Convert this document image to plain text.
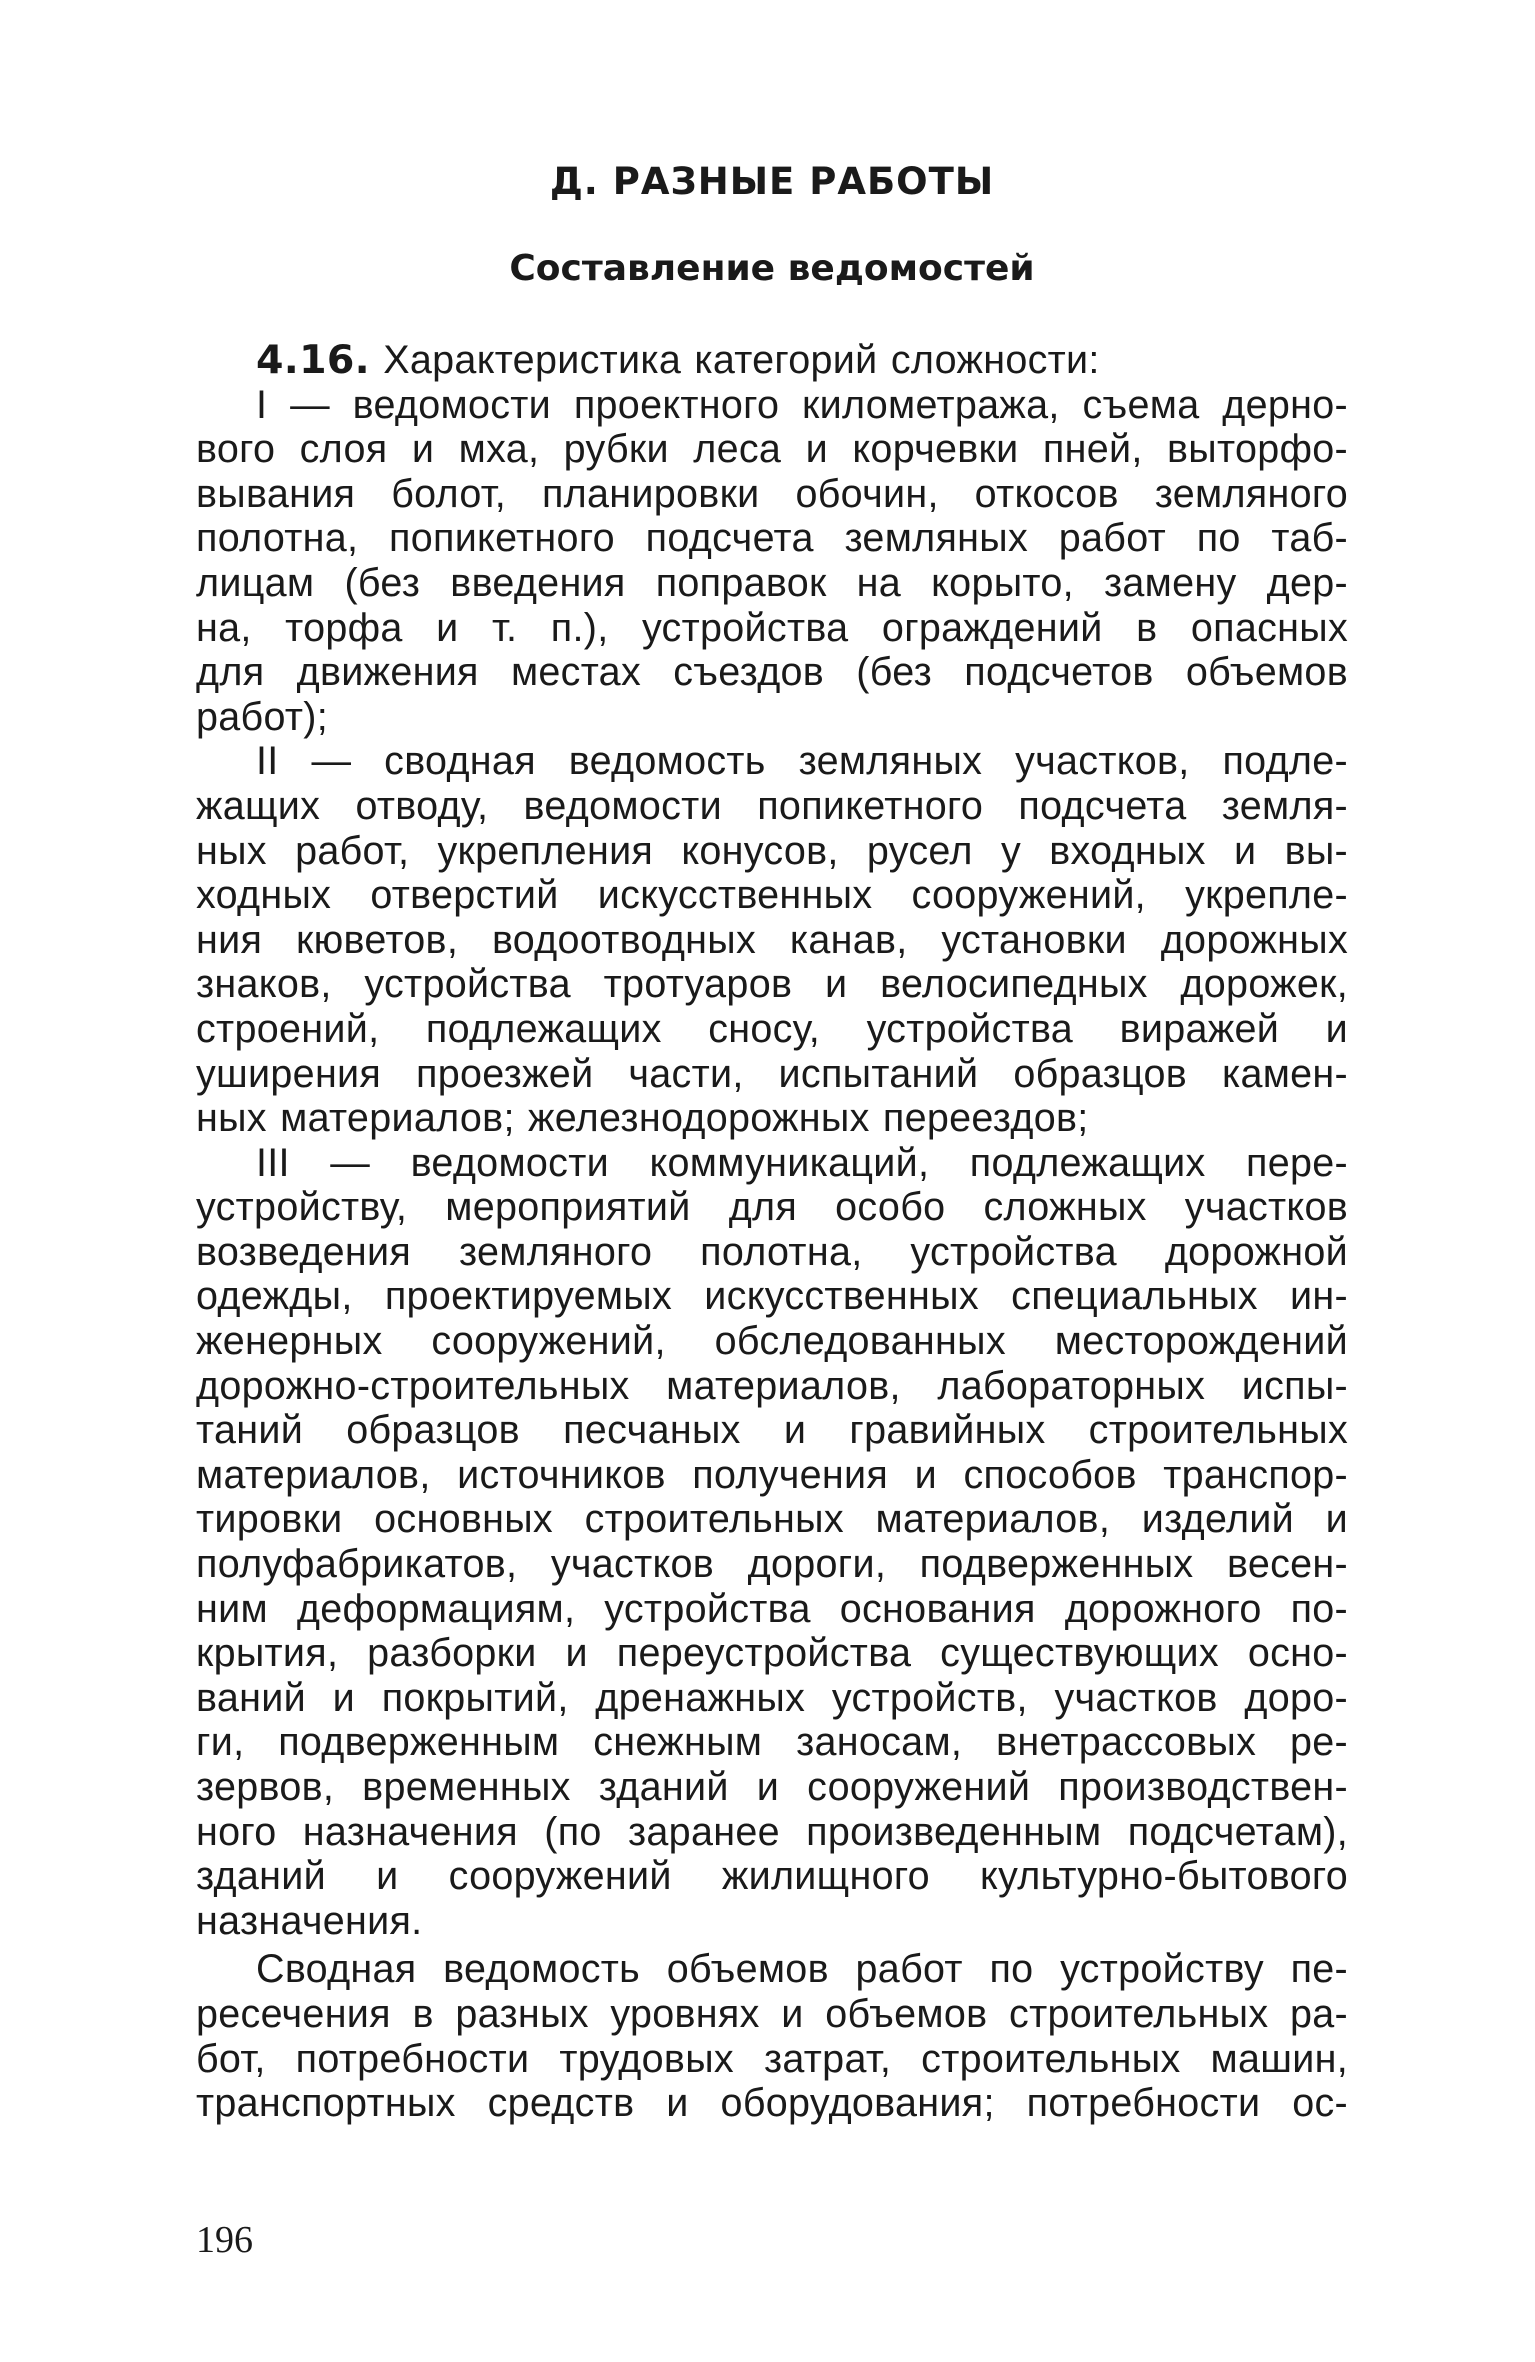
Д. РАЗНЫЕ РАБОТЫ
Составление ведомостей
4.16. Характеристика категорий сложности:
I — ведомости проектного километража, съема дерно-
вого слоя и мха, рубки леса и корчевки пней, выторфо-
вывания болот, планировки обочин, откосов земляного
полотна, попикетного подсчета земляных работ по таб-
лицам (без введения поправок на корыто, замену дер-
на, торфа и т. п.), устройства ограждений в опасных
для движения местах съездов (без подсчетов объемов
работ);
II — сводная ведомость земляных участков, подле-
жащих отводу, ведомости попикетного подсчета земля-
ных работ, укрепления конусов, русел у входных и вы-
ходных отверстий искусственных сооружений, укрепле-
ния кюветов, водоотводных канав, установки дорожных
знаков, устройства тротуаров и велосипедных дорожек,
строений, подлежащих сносу, устройства виражей и
уширения проезжей части, испытаний образцов камен-
ных материалов; железнодорожных переездов;
III — ведомости коммуникаций, подлежащих пере-
устройству, мероприятий для особо сложных участков
возведения земляного полотна, устройства дорожной
одежды, проектируемых искусственных специальных ин-
женерных сооружений, обследованных месторождений
дорожно-строительных материалов, лабораторных испы-
таний образцов песчаных и гравийных строительных
материалов, источников получения и способов транспор-
тировки основных строительных материалов, изделий и
полуфабрикатов, участков дороги, подверженных весен-
ним деформациям, устройства основания дорожного по-
крытия, разборки и переустройства существующих осно-
ваний и покрытий, дренажных устройств, участков доро-
ги, подверженным снежным заносам, внетрассовых ре-
зервов, временных зданий и сооружений производствен-
ного назначения (по заранее произведенным подсчетам),
зданий и сооружений жилищного культурно-бытового
назначения.
Сводная ведомость объемов работ по устройству пе-
ресечения в разных уровнях и объемов строительных ра-
бот, потребности трудовых затрат, строительных машин,
транспортных средств и оборудования; потребности ос-
196
